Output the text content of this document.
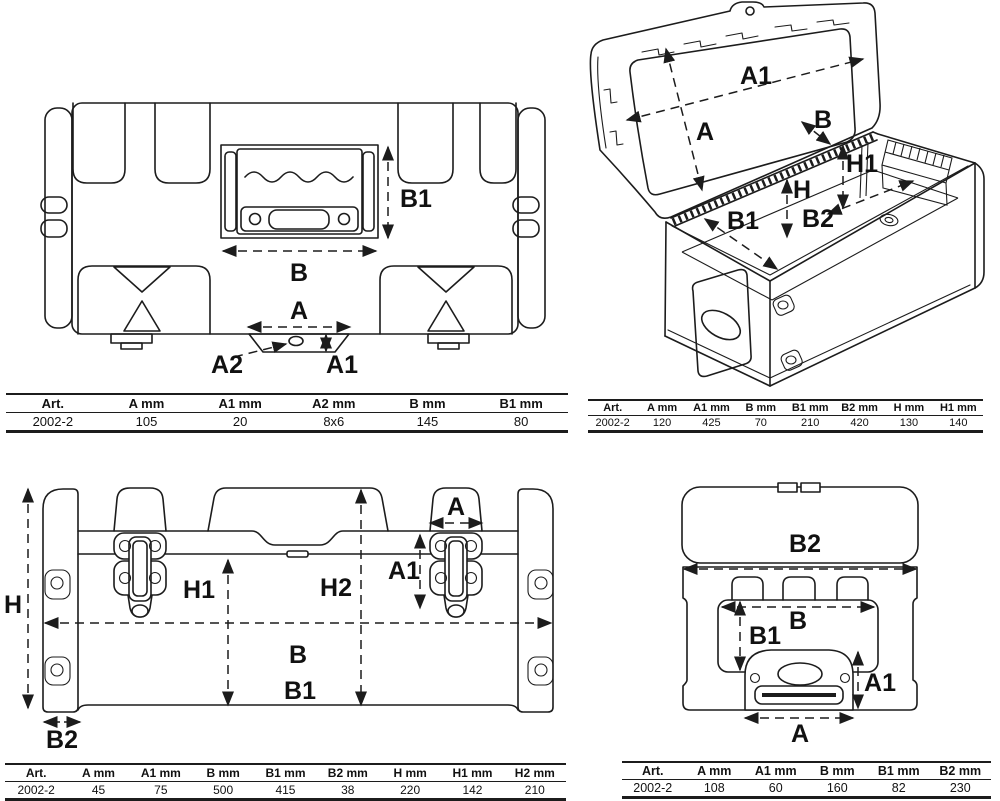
B
B1
A
A1
A2
A1
A	B
H1
H
B1 B2
H
A
A1
H1	H2
B
B1
B2
B2
B
B1
A1
A
Art.	A mm	A1 mm	A2 mm	B mm	B1 mm
2002-2	105	20	8x6	145	80
Art.	A mm	A1 mm	B mm	B1 mm	B2 mm	H mm	H1 mm
2002-2	120	425	70	210	420	130	140
Art.	A mm	A1 mm	B mm	B1 mm	B2 mm	H mm	H1 mm	H2 mm
2002-2	45	75	500	415	38	220	142	210
Art.	A mm	A1 mm	B mm	B1 mm	B2 mm
2002-2	108	60	160	82	230
